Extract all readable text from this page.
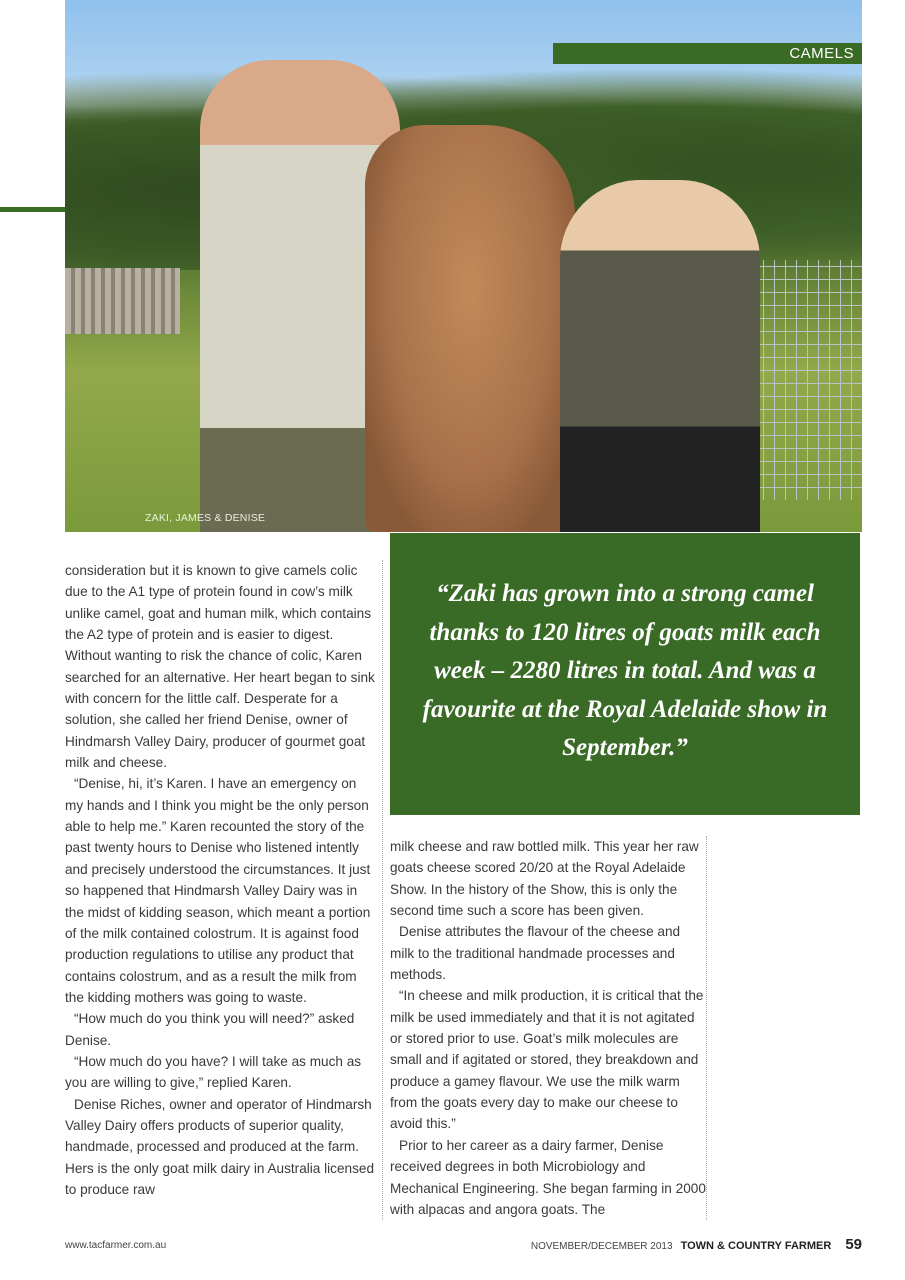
ZAKI, JAMES & DENISE
CAMELS

“Zaki has grown into a strong camel thanks to 120 litres of goats milk each week – 2280 litres in total. And was a favourite at the Royal Adelaide show in September.”

consideration but it is known to give camels colic due to the A1 type of protein found in cow’s milk unlike camel, goat and human milk, which contains the A2 type of protein and is easier to digest. Without wanting to risk the chance of colic, Karen searched for an alternative. Her heart began to sink with concern for the little calf. Desperate for a solution, she called her friend Denise, owner of Hindmarsh Valley Dairy, producer of gourmet goat milk and cheese.

“Denise, hi, it’s Karen. I have an emergency on my hands and I think you might be the only person able to help me.” Karen recounted the story of the past twenty hours to Denise who listened intently and precisely understood the circumstances. It just so happened that Hindmarsh Valley Dairy was in the midst of kidding season, which meant a portion of the milk contained colostrum. It is against food production regulations to utilise any product that contains colostrum, and as a result the milk from the kidding mothers was going to waste.

“How much do you think you will need?” asked Denise.

“How much do you have? I will take as much as you are willing to give,” replied Karen.

Denise Riches, owner and operator of Hindmarsh Valley Dairy offers products of superior quality, handmade, processed and produced at the farm. Hers is the only goat milk dairy in Australia licensed to produce raw

milk cheese and raw bottled milk. This year her raw goats cheese scored 20/20 at the Royal Adelaide Show. In the history of the Show, this is only the second time such a score has been given.

Denise attributes the flavour of the cheese and milk to the traditional handmade processes and methods.

“In cheese and milk production, it is critical that the milk be used immediately and that it is not agitated or stored prior to use. Goat’s milk molecules are small and if agitated or stored, they breakdown and produce a gamey flavour. We use the milk warm from the goats every day to make our cheese to avoid this.”

Prior to her career as a dairy farmer, Denise received degrees in both Microbiology and Mechanical Engineering. She began farming in 2000 with alpacas and angora goats. The

www.tacfarmer.com.au	NOVEMBER/DECEMBER 2013 TOWN & COUNTRY FARMER 59
